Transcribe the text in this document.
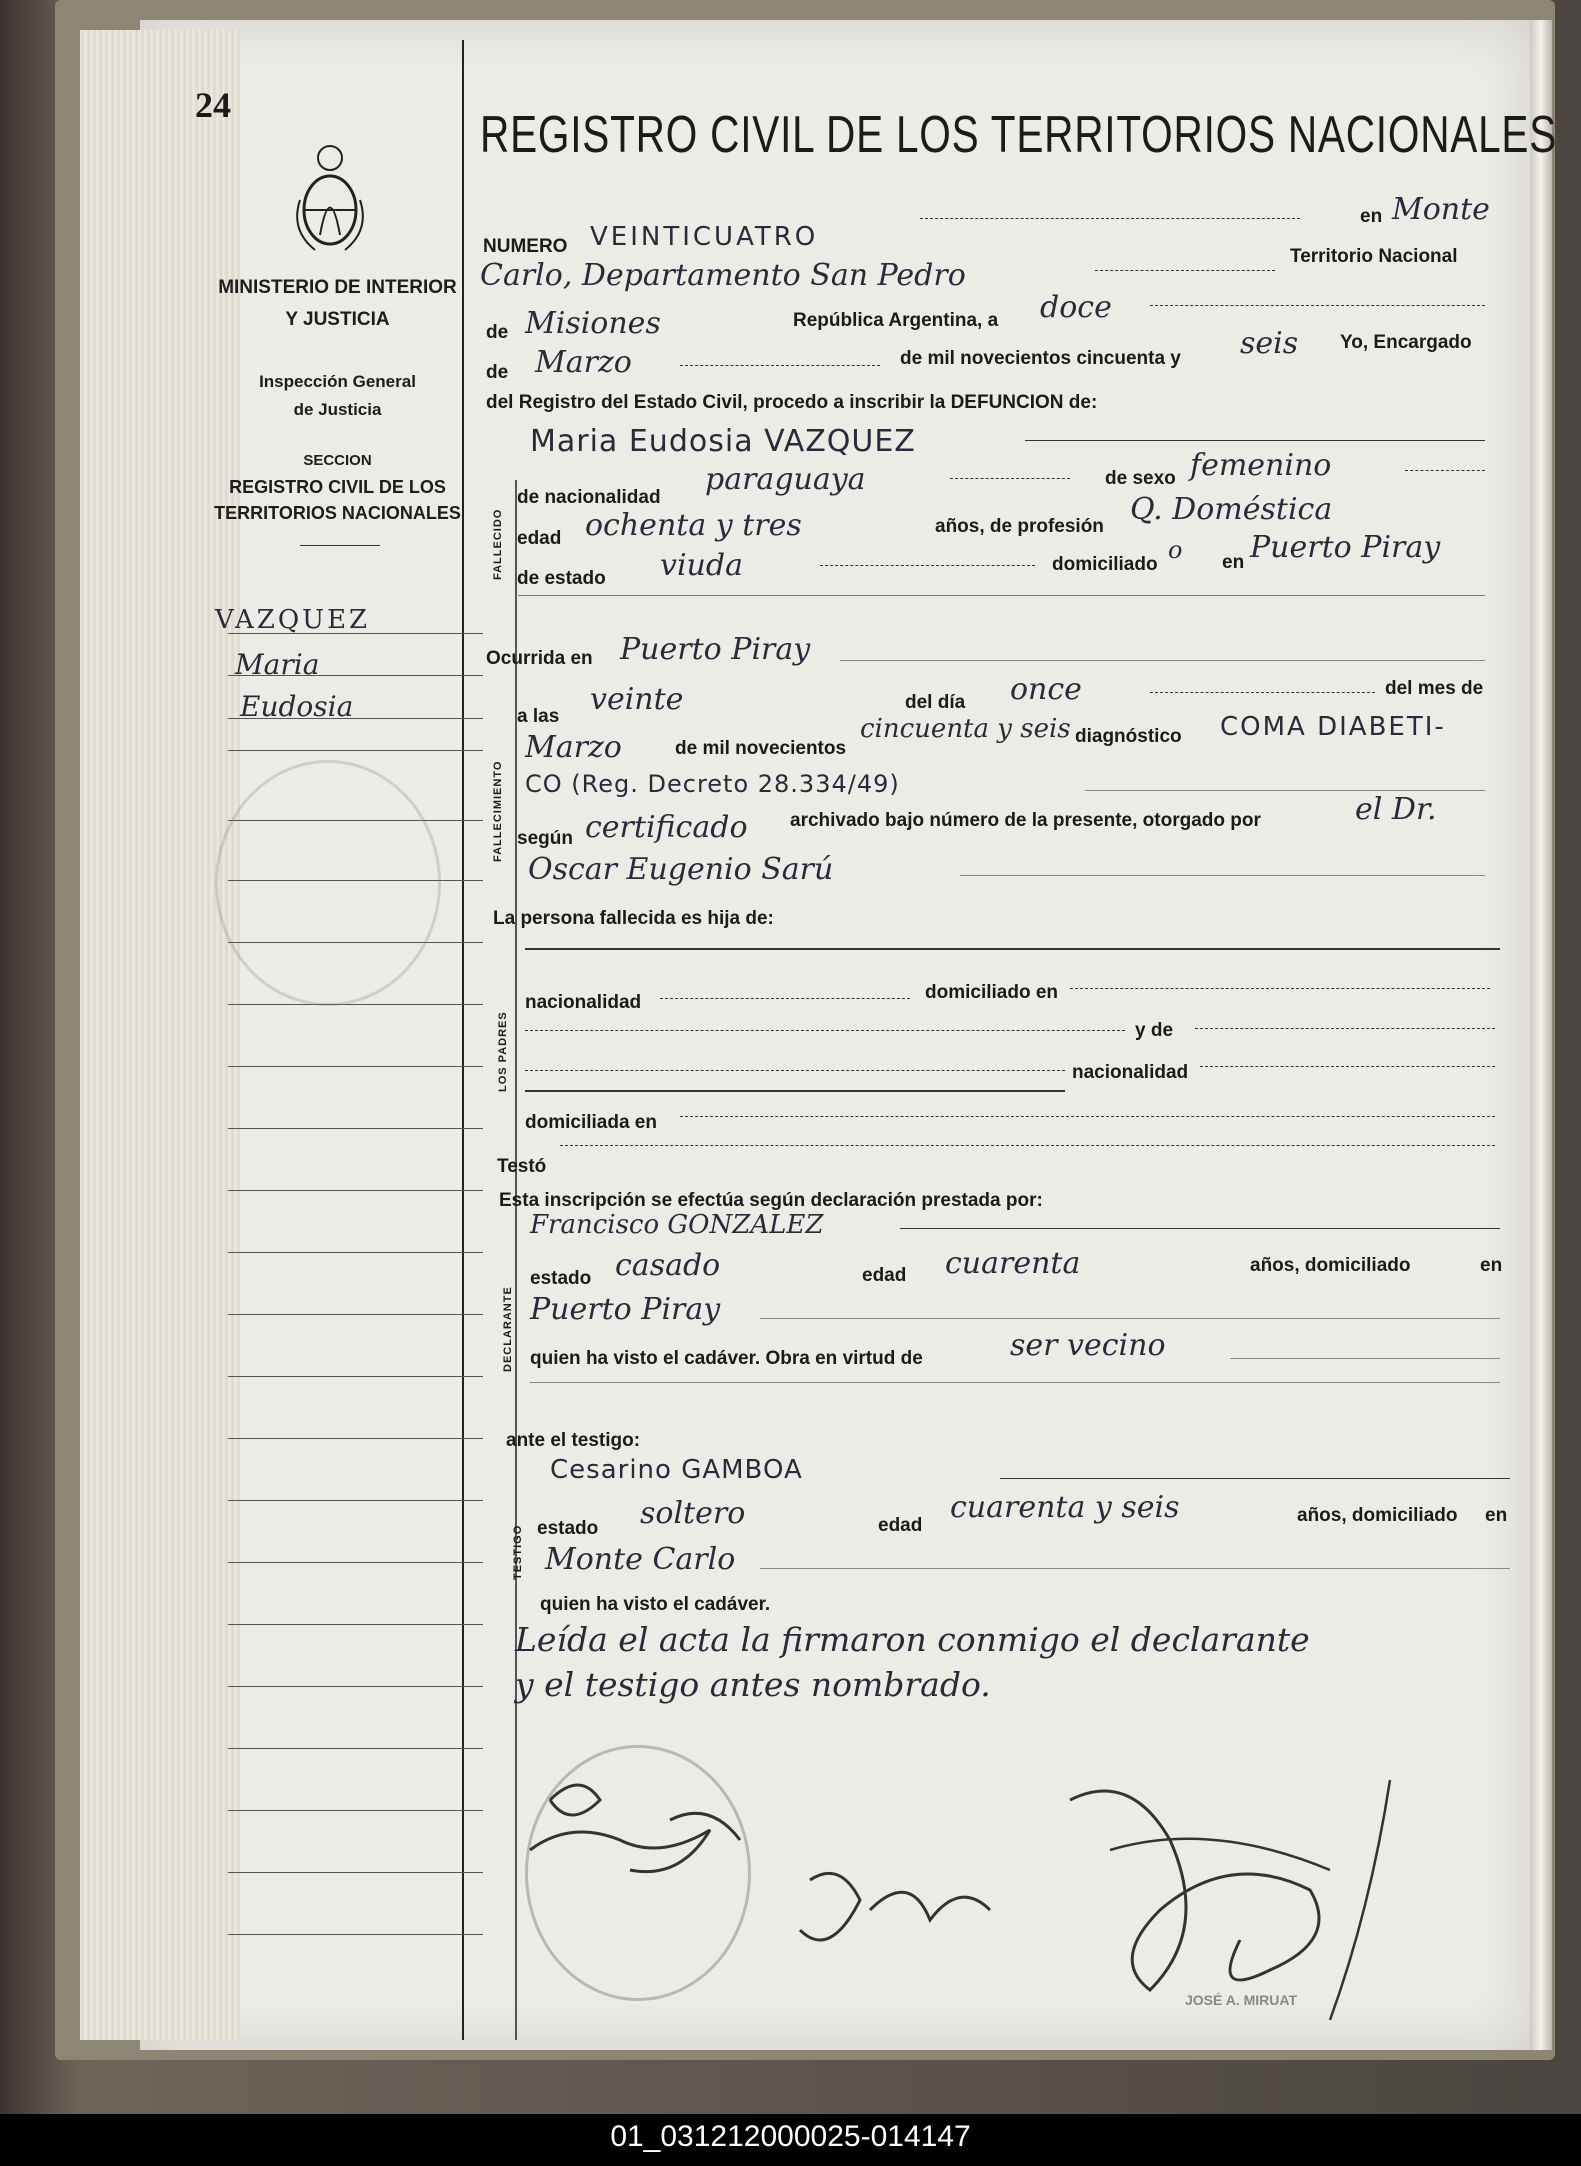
24
MINISTERIO DE INTERIOR
Y JUSTICIA
Inspección General
de Justicia
SECCION
REGISTRO CIVIL DE LOS
TERRITORIOS NACIONALES
VAZQUEZ
Maria
Eudosia
REGISTRO CIVIL DE LOS TERRITORIOS NACIONALES
NUMERO VEINTICUATRO
en Monte
Carlo, Departamento San Pedro
Territorio Nacional
de Misiones	República Argentina, a doce
de Marzo	de mil novecientos cincuenta y seis Yo, Encargado
del Registro del Estado Civil, procedo a inscribir la DEFUNCION de:
Maria Eudosia VAZQUEZ
FALLECIDO
de nacionalidad
paraguaya	de sexo femenino
edad ochenta y tres	años, de profesión Q. Doméstica
de estado viuda	domiciliado
o en Puerto Piray
Ocurrida en Puerto Piray
FALLECIMIENTO
a las veinte	del día once	del mes de
Marzo	de mil novecientos
cincuenta y seis diagnóstico COMA DIABETI-
CO (Reg. Decreto 28.334/49)
según certificado archivado bajo número de la presente, otorgado por	el Dr.
Oscar Eugenio Sarú
La persona fallecida es hija de:
LOS PADRES
nacionalidad	domiciliado en
y de
nacionalidad
domiciliada en
Testó
Esta inscripción se efectúa según declaración prestada por:
Francisco GONZALEZ
DECLARANTE
estado casado	edad cuarenta	años, domiciliado	en
Puerto Piray
quien ha visto el cadáver. Obra en virtud de	ser vecino
ante el testigo:
Cesarino GAMBOA
TESTIGO estado soltero	edad
cuarenta y seis	años, domiciliado en
Monte Carlo
quien ha visto el cadáver.
Leída el acta la firmaron conmigo el declarante
y el testigo antes nombrado.
JOSÉ A. MIRUAT
01_031212000025-014147
